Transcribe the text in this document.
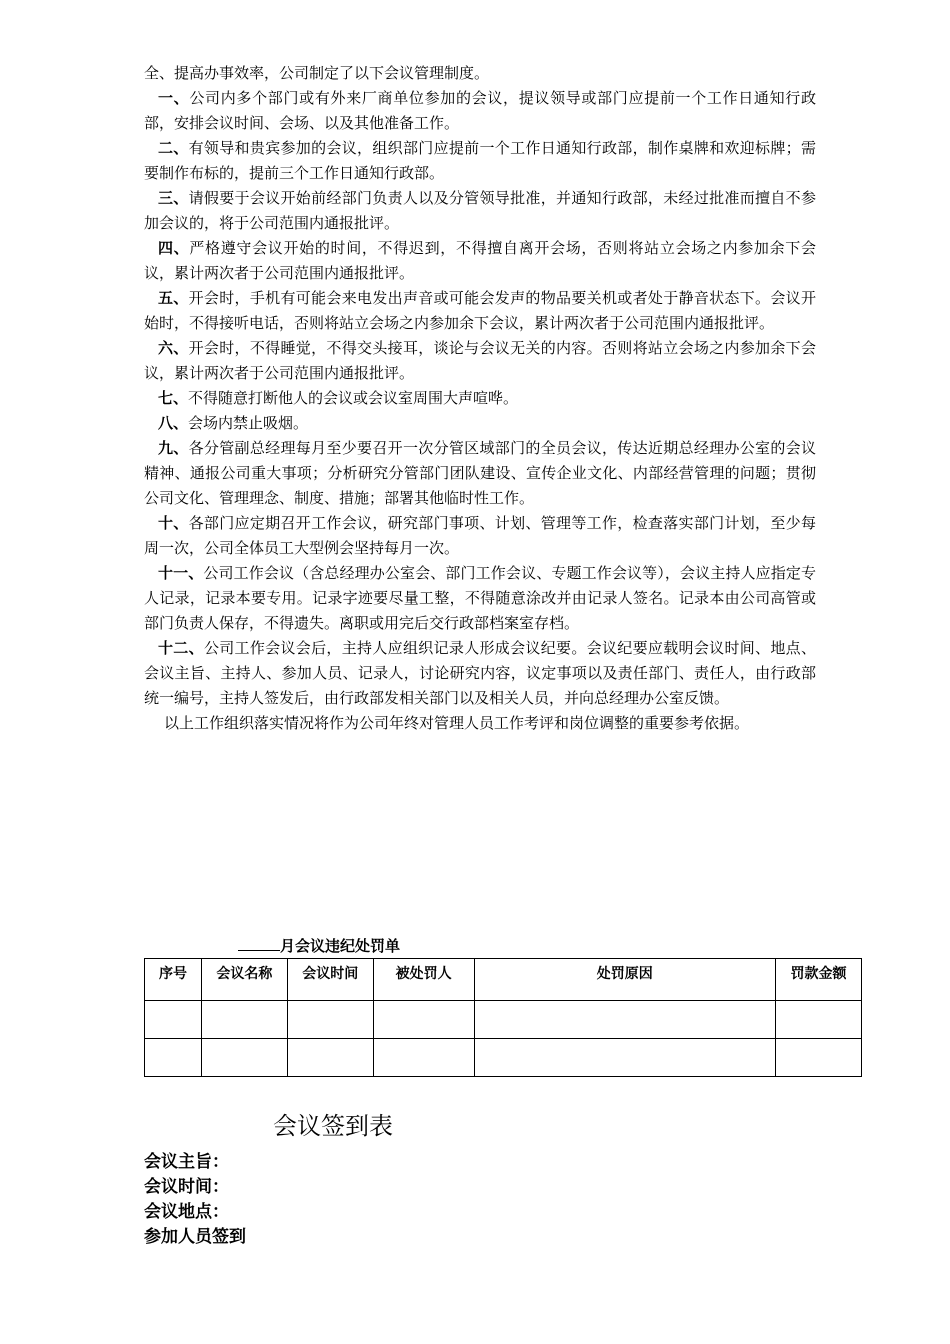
全、提高办事效率，公司制定了以下会议管理制度。

一、公司内多个部门或有外来厂商单位参加的会议，提议领导或部门应提前一个工作日通知行政部，安排会议时间、会场、以及其他准备工作。

二、有领导和贵宾参加的会议，组织部门应提前一个工作日通知行政部，制作桌牌和欢迎标牌；需要制作布标的，提前三个工作日通知行政部。

三、请假要于会议开始前经部门负责人以及分管领导批准，并通知行政部，未经过批准而擅自不参加会议的，将于公司范围内通报批评。

四、严格遵守会议开始的时间，不得迟到，不得擅自离开会场，否则将站立会场之内参加余下会议，累计两次者于公司范围内通报批评。

五、开会时，手机有可能会来电发出声音或可能会发声的物品要关机或者处于静音状态下。会议开始时，不得接听电话，否则将站立会场之内参加余下会议，累计两次者于公司范围内通报批评。

六、开会时，不得睡觉，不得交头接耳，谈论与会议无关的内容。否则将站立会场之内参加余下会议，累计两次者于公司范围内通报批评。

七、不得随意打断他人的会议或会议室周围大声喧哗。

八、会场内禁止吸烟。

九、各分管副总经理每月至少要召开一次分管区域部门的全员会议，传达近期总经理办公室的会议精神、通报公司重大事项；分析研究分管部门团队建设、宣传企业文化、内部经营管理的问题；贯彻公司文化、管理理念、制度、措施；部署其他临时性工作。

十、各部门应定期召开工作会议，研究部门事项、计划、管理等工作，检查落实部门计划，至少每周一次，公司全体员工大型例会坚持每月一次。

十一、公司工作会议（含总经理办公室会、部门工作会议、专题工作会议等），会议主持人应指定专人记录，记录本要专用。记录字迹要尽量工整，不得随意涂改并由记录人签名。记录本由公司高管或部门负责人保存，不得遗失。离职或用完后交行政部档案室存档。

十二、公司工作会议会后，主持人应组织记录人形成会议纪要。会议纪要应载明会议时间、地点、会议主旨、主持人、参加人员、记录人，讨论研究内容，议定事项以及责任部门、责任人，由行政部统一编号，主持人签发后，由行政部发相关部门以及相关人员，并向总经理办公室反馈。

以上工作组织落实情况将作为公司年终对管理人员工作考评和岗位调整的重要参考依据。

月会议违纪处罚单
序号	会议名称	会议时间	被处罚人	处罚原因	罚款金额

会议签到表
会议主旨：
会议时间：
会议地点：
参加人员签到
